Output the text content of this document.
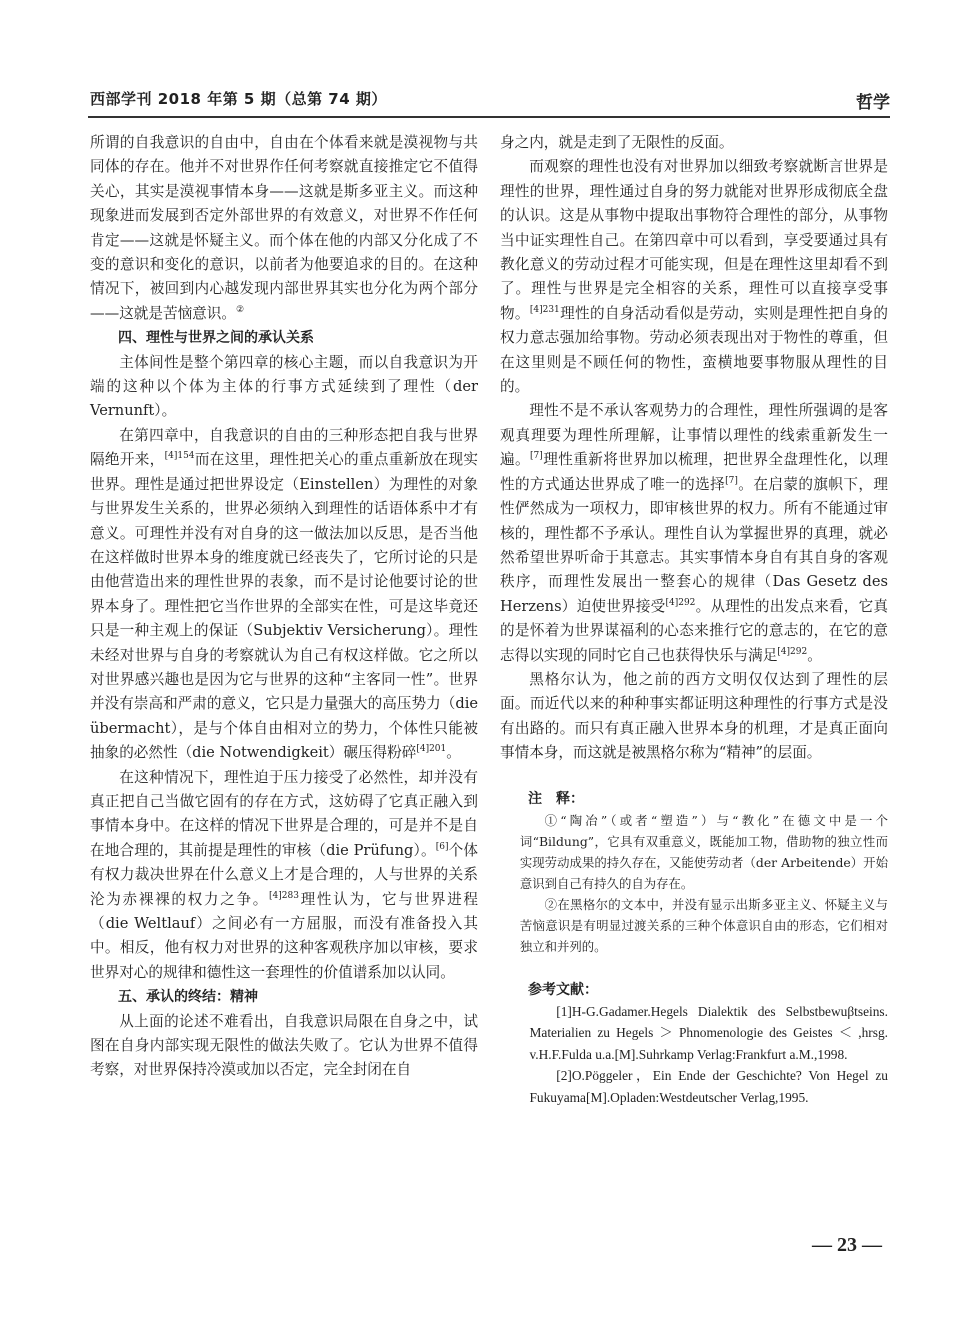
西部学刊 2018 年第 5 期（总第 74 期）	哲学

所谓的自我意识的自由中，自由在个体看来就是漠视物与共同体的存在。他并不对世界作任何考察就直接推定它不值得关心，其实是漠视事情本身——这就是斯多亚主义。而这种现象进而发展到否定外部世界的有效意义，对世界不作任何肯定——这就是怀疑主义。而个体在他的内部又分化成了不变的意识和变化的意识，以前者为他要追求的目的。在这种情况下，被回到内心越发现内部世界其实也分化为两个部分——这就是苦恼意识。②

四、理性与世界之间的承认关系

主体间性是整个第四章的核心主题，而以自我意识为开端的这种以个体为主体的行事方式延续到了理性（der Vernunft）。

在第四章中，自我意识的自由的三种形态把自我与世界隔绝开来，$^{[4]154}$而在这里，理性把关心的重点重新放在现实世界。理性是通过把世界设定（Einstellen）为理性的对象与世界发生关系的，世界必须纳入到理性的话语体系中才有意义。可理性并没有对自身的这一做法加以反思，是否当他在这样做时世界本身的维度就已经丧失了，它所讨论的只是由他营造出来的理性世界的表象，而不是讨论他要讨论的世界本身了。理性把它当作世界的全部实在性，可是这毕竟还只是一种主观上的保证（Subjektiv Versicherung）。理性未经对世界与自身的考察就认为自己有权这样做。它之所以对世界感兴趣也是因为它与世界的这种“主客同一性”。世界并没有崇高和严肃的意义，它只是力量强大的高压势力（die übermacht），是与个体自由相对立的势力，个体性只能被抽象的必然性（die Notwendigkeit）碾压得粉碎$^{[4]201}$。

在这种情况下，理性迫于压力接受了必然性，却并没有真正把自己当做它固有的存在方式，这妨碍了它真正融入到事情本身中。在这样的情况下世界是合理的，可是并不是自在地合理的，其前提是理性的审核（die Prüfung）。[6]个体有权力裁决世界在什么意义上才是合理的，人与世界的关系沦为赤裸裸的权力之争。$^{[4]283}$理性认为，它与世界进程（die Weltlauf）之间必有一方屈服，而没有准备投入其中。相反，他有权力对世界的这种客观秩序加以审核，要求世界对心的规律和德性这一套理性的价值谱系加以认同。

五、承认的终结：精神

从上面的论述不难看出，自我意识局限在自身之中，试图在自身内部实现无限性的做法失败了。它认为世界不值得考察，对世界保持冷漠或加以否定，完全封闭在自

身之内，就是走到了无限性的反面。

而观察的理性也没有对世界加以细致考察就断言世界是理性的世界，理性通过自身的努力就能对世界形成彻底全盘的认识。这是从事物中提取出事物符合理性的部分，从事物当中证实理性自己。在第四章中可以看到，享受要通过具有教化意义的劳动过程才可能实现，但是在理性这里却看不到了。理性与世界是完全相容的关系，理性可以直接享受事物。$^{[4]231}$理性的自身活动看似是劳动，实则是理性把自身的权力意志强加给事物。劳动必须表现出对于物性的尊重，但在这里则是不顾任何的物性，蛮横地要事物服从理性的目的。

理性不是不承认客观势力的合理性，理性所强调的是客观真理要为理性所理解，让事情以理性的线索重新发生一遍。[7]理性重新将世界加以梳理，把世界全盘理性化，以理性的方式通达世界成了唯一的选择[7]。在启蒙的旗帜下，理性俨然成为一项权力，即审核世界的权力。所有不能通过审核的，理性都不予承认。理性自认为掌握世界的真理，就必然希望世界听命于其意志。其实事情本身自有其自身的客观秩序，而理性发展出一整套心的规律（Das Gesetz des Herzens）迫使世界接受$^{[4]292}$。从理性的出发点来看，它真的是怀着为世界谋福利的心态来推行它的意志的，在它的意志得以实现的同时它自己也获得快乐与满足$^{[4]292}$。

黑格尔认为，他之前的西方文明仅仅达到了理性的层面。而近代以来的种种事实都证明这种理性的行事方式是没有出路的。而只有真正融入世界本身的机理，才是真正面向事情本身，而这就是被黑格尔称为“精神”的层面。

注　释：

①“陶冶”（或者“塑造”）与“教化”在德文中是一个词“Bildung”，它具有双重意义，既能加工物，借助物的独立性而实现劳动成果的持久存在，又能使劳动者（der Arbeitende）开始意识到自己有持久的自为存在。

②在黑格尔的文本中，并没有显示出斯多亚主义、怀疑主义与苦恼意识是有明显过渡关系的三种个体意识自由的形态，它们相对独立和并列的。

参考文献：

[1]H-G.Gadamer.Hegels Dialektik des Selbstbewuβtseins. Materialien zu Hegels ＞ Phnomenologie des Geistes ＜ ,hrsg. v.H.F.Fulda u.a.[M].Suhrkamp Verlag:Frankfurt a.M.,1998.

[2]O.Pöggeler，Ein Ende der Geschichte? Von Hegel zu Fukuyama[M].Opladen:Westdeutscher Verlag,1995.

— 23 —
